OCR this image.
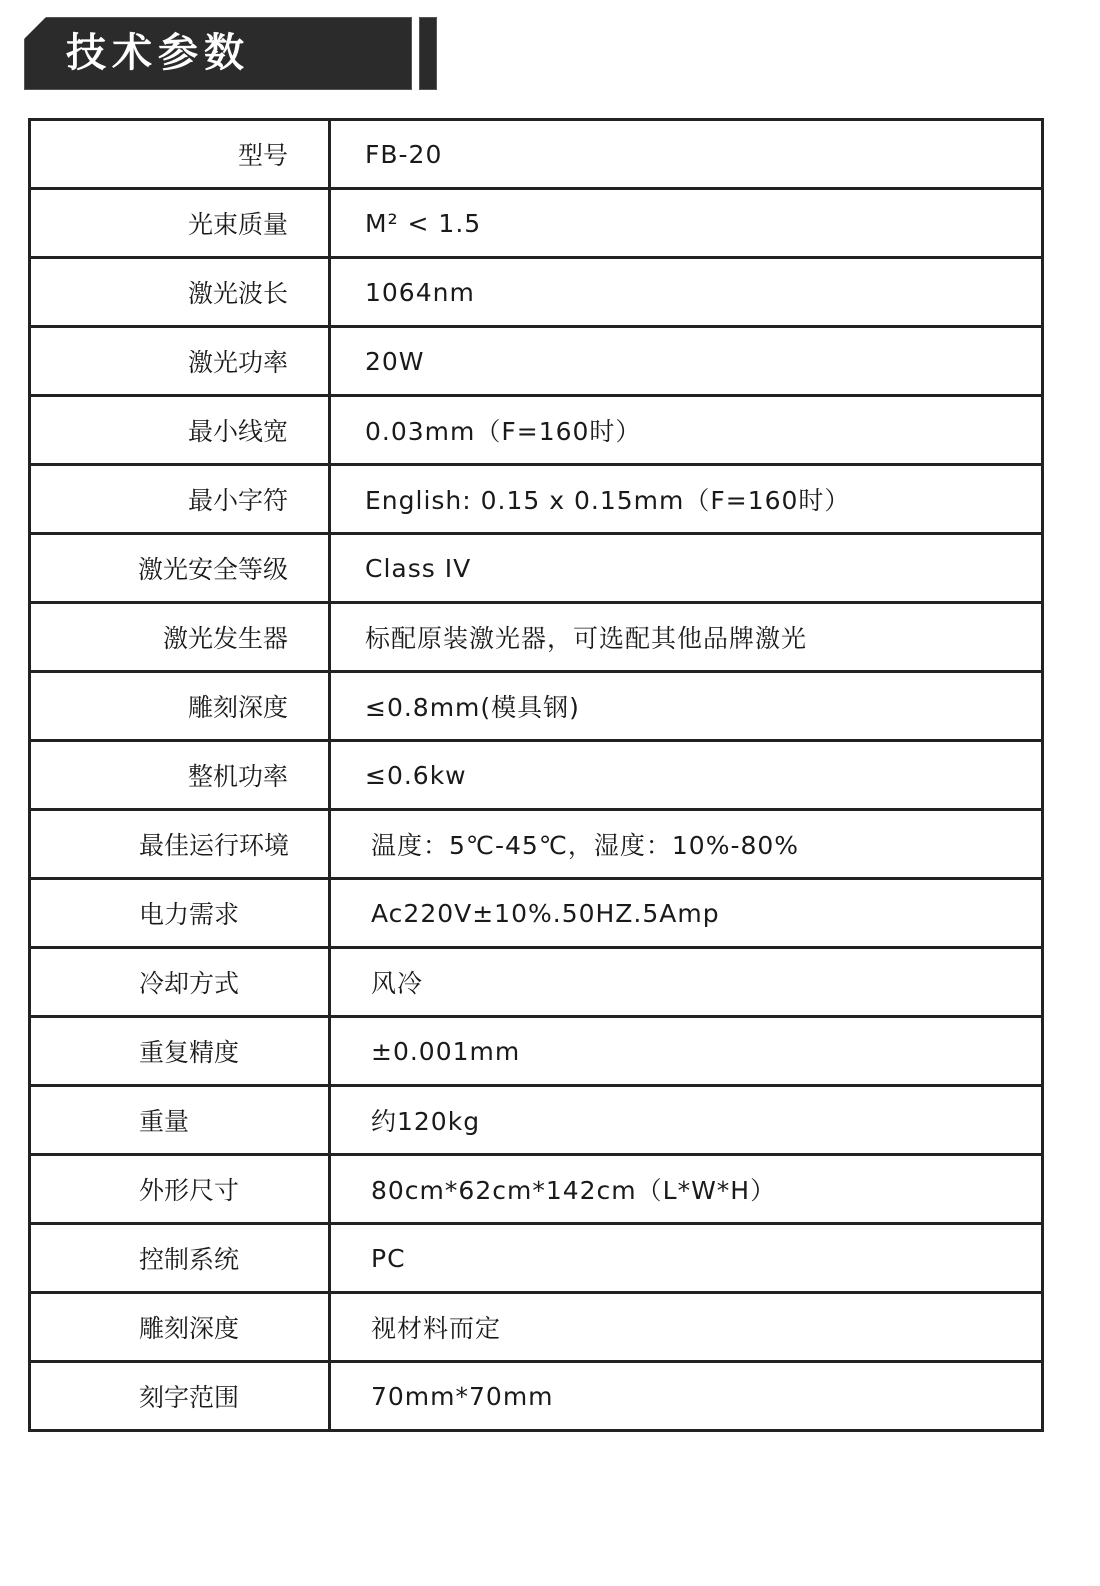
技术参数
型号	FB-20
光束质量	M² < 1.5
激光波长	1064nm
激光功率	20W
最小线宽	0.03mm（F=160时）
最小字符	English: 0.15 x 0.15mm（F=160时）
激光安全等级	Class IV
激光发生器	标配原装激光器，可选配其他品牌激光
雕刻深度	≤0.8mm(模具钢)
整机功率	≤0.6kw
最佳运行环境	温度：5℃-45℃，湿度：10%-80%
电力需求	Ac220V±10%.50HZ.5Amp
冷却方式	风冷
重复精度	±0.001mm
重量	约120kg
外形尺寸	80cm*62cm*142cm（L*W*H）
控制系统	PC
雕刻深度	视材料而定
刻字范围	70mm*70mm
